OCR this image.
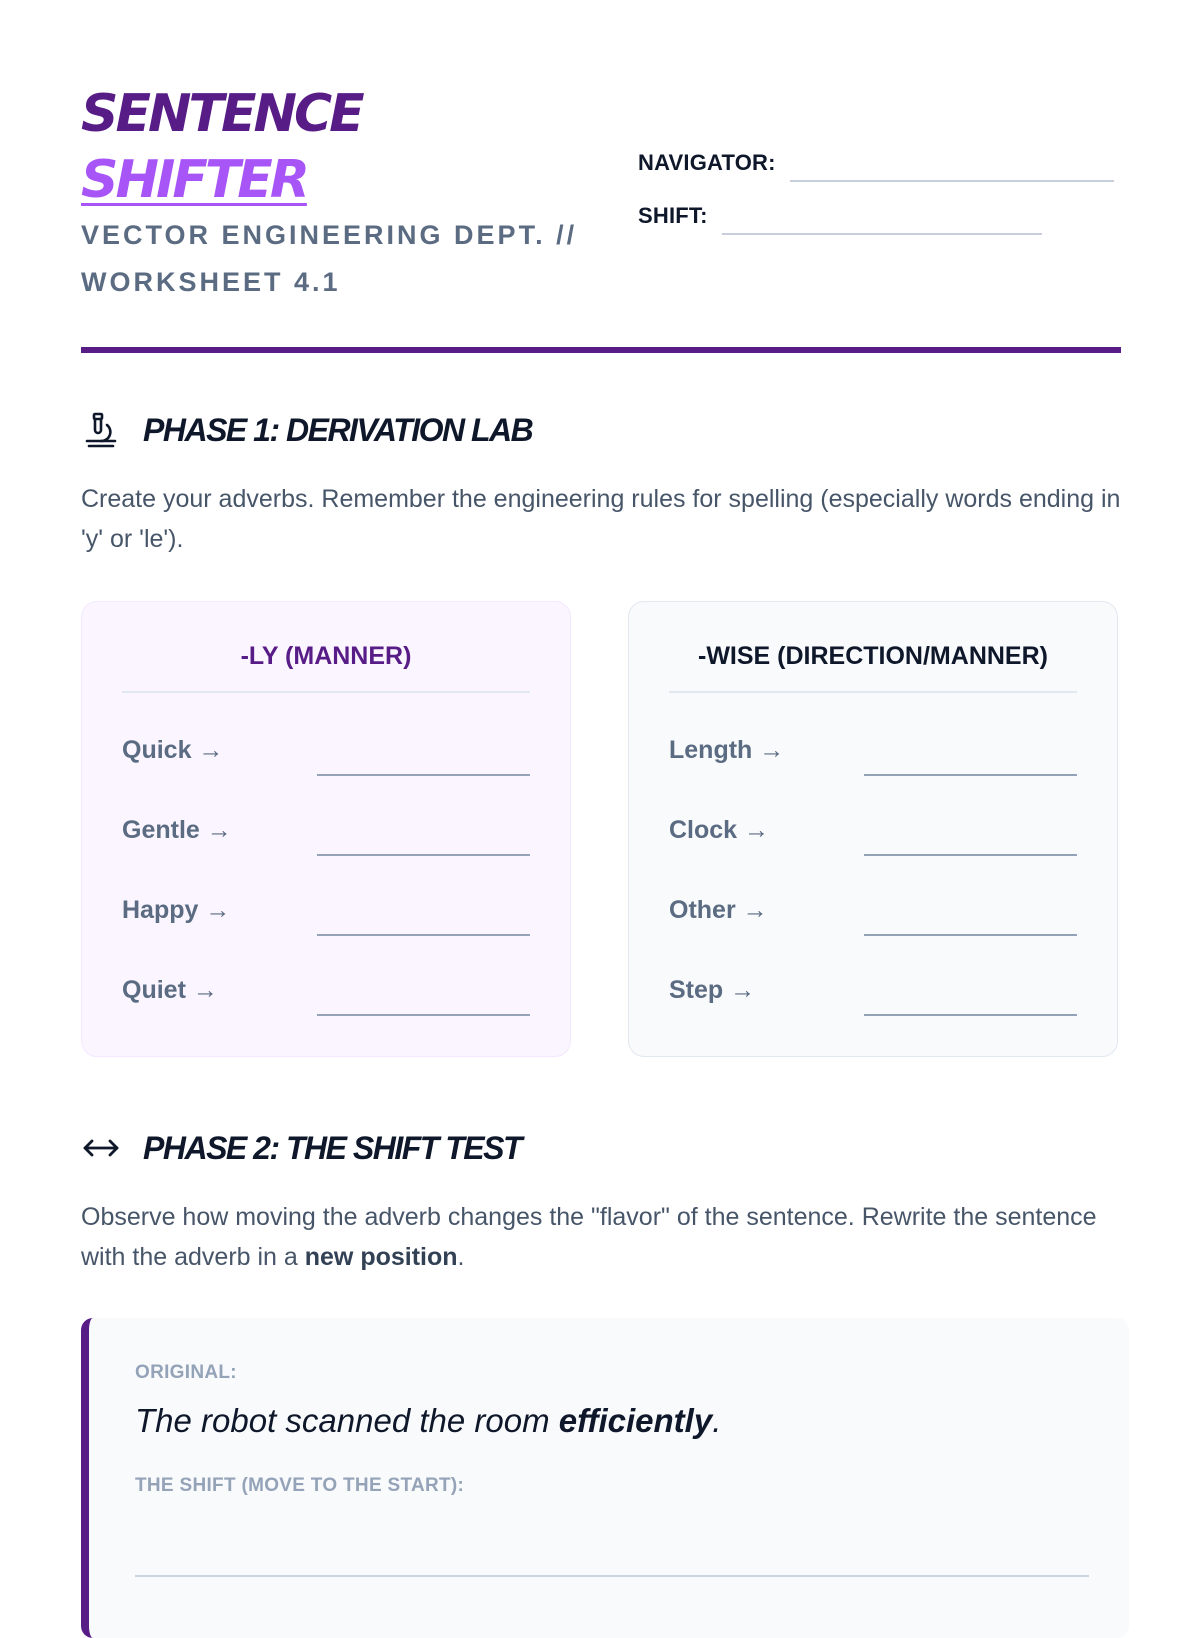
SENTENCE
SHIFTER
VECTOR ENGINEERING DEPT. // WORKSHEET 4.1
NAVIGATOR:
SHIFT:
PHASE 1: DERIVATION LAB
Create your adverbs. Remember the engineering rules for spelling (especially words ending in 'y' or 'le').
-LY (MANNER)
Quick →
Gentle →
Happy →
Quiet →
-WISE (DIRECTION/MANNER)
Length →
Clock →
Other →
Step →
PHASE 2: THE SHIFT TEST
Observe how moving the adverb changes the "flavor" of the sentence. Rewrite the sentence with the adverb in a new position.
ORIGINAL:
The robot scanned the room efficiently.
THE SHIFT (MOVE TO THE START):
